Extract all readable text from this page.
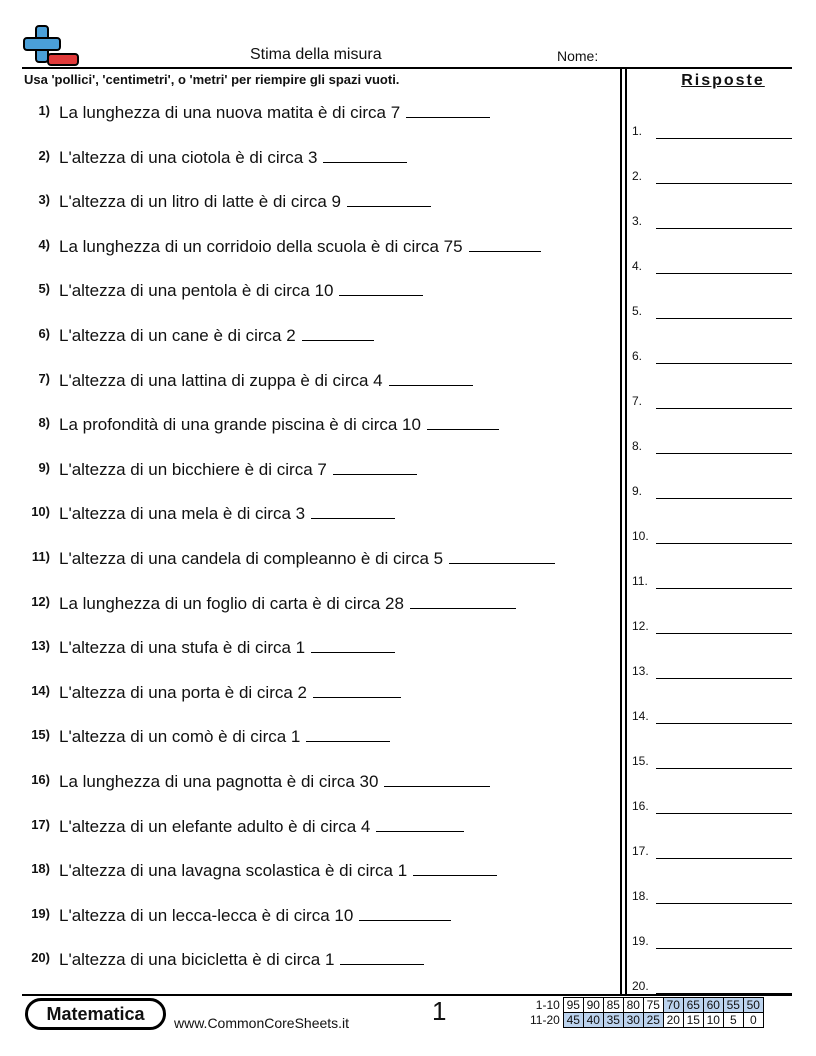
Stima della misura	Nome:
Usa 'pollici', 'centimetri', o 'metri' per riempire gli spazi vuoti.	Risposte
1) La lunghezza di una nuova matita è di circa 7
2) L'altezza di una ciotola è di circa 3
3) L'altezza di un litro di latte è di circa 9
4) La lunghezza di un corridoio della scuola è di circa 75
5) L'altezza di una pentola è di circa 10
6) L'altezza di un cane è di circa 2
7) L'altezza di una lattina di zuppa è di circa 4
8) La profondità di una grande piscina è di circa 10
9) L'altezza di un bicchiere è di circa 7
10) L'altezza di una mela è di circa 3
11) L'altezza di una candela di compleanno è di circa 5
12) La lunghezza di un foglio di carta è di circa 28
13) L'altezza di una stufa è di circa 1
14) L'altezza di una porta è di circa 2
15) L'altezza di un comò è di circa 1
16) La lunghezza di una pagnotta è di circa 30
17) L'altezza di un elefante adulto è di circa 4
18) L'altezza di una lavagna scolastica è di circa 1
19) L'altezza di un lecca-lecca è di circa 10
20) L'altezza di una bicicletta è di circa 1
1.
2.
3.
4.
5.
6.
7.
8.
9.
10.
11.
12.
13.
14.
15.
16.
17.
18.
19.
20.
Matematica	www.CommonCoreSheets.it	1	1-10	95	90	85	80	75	70	65	60	55	50
11-20	45	40	35	30	25	20	15	10	5	0
